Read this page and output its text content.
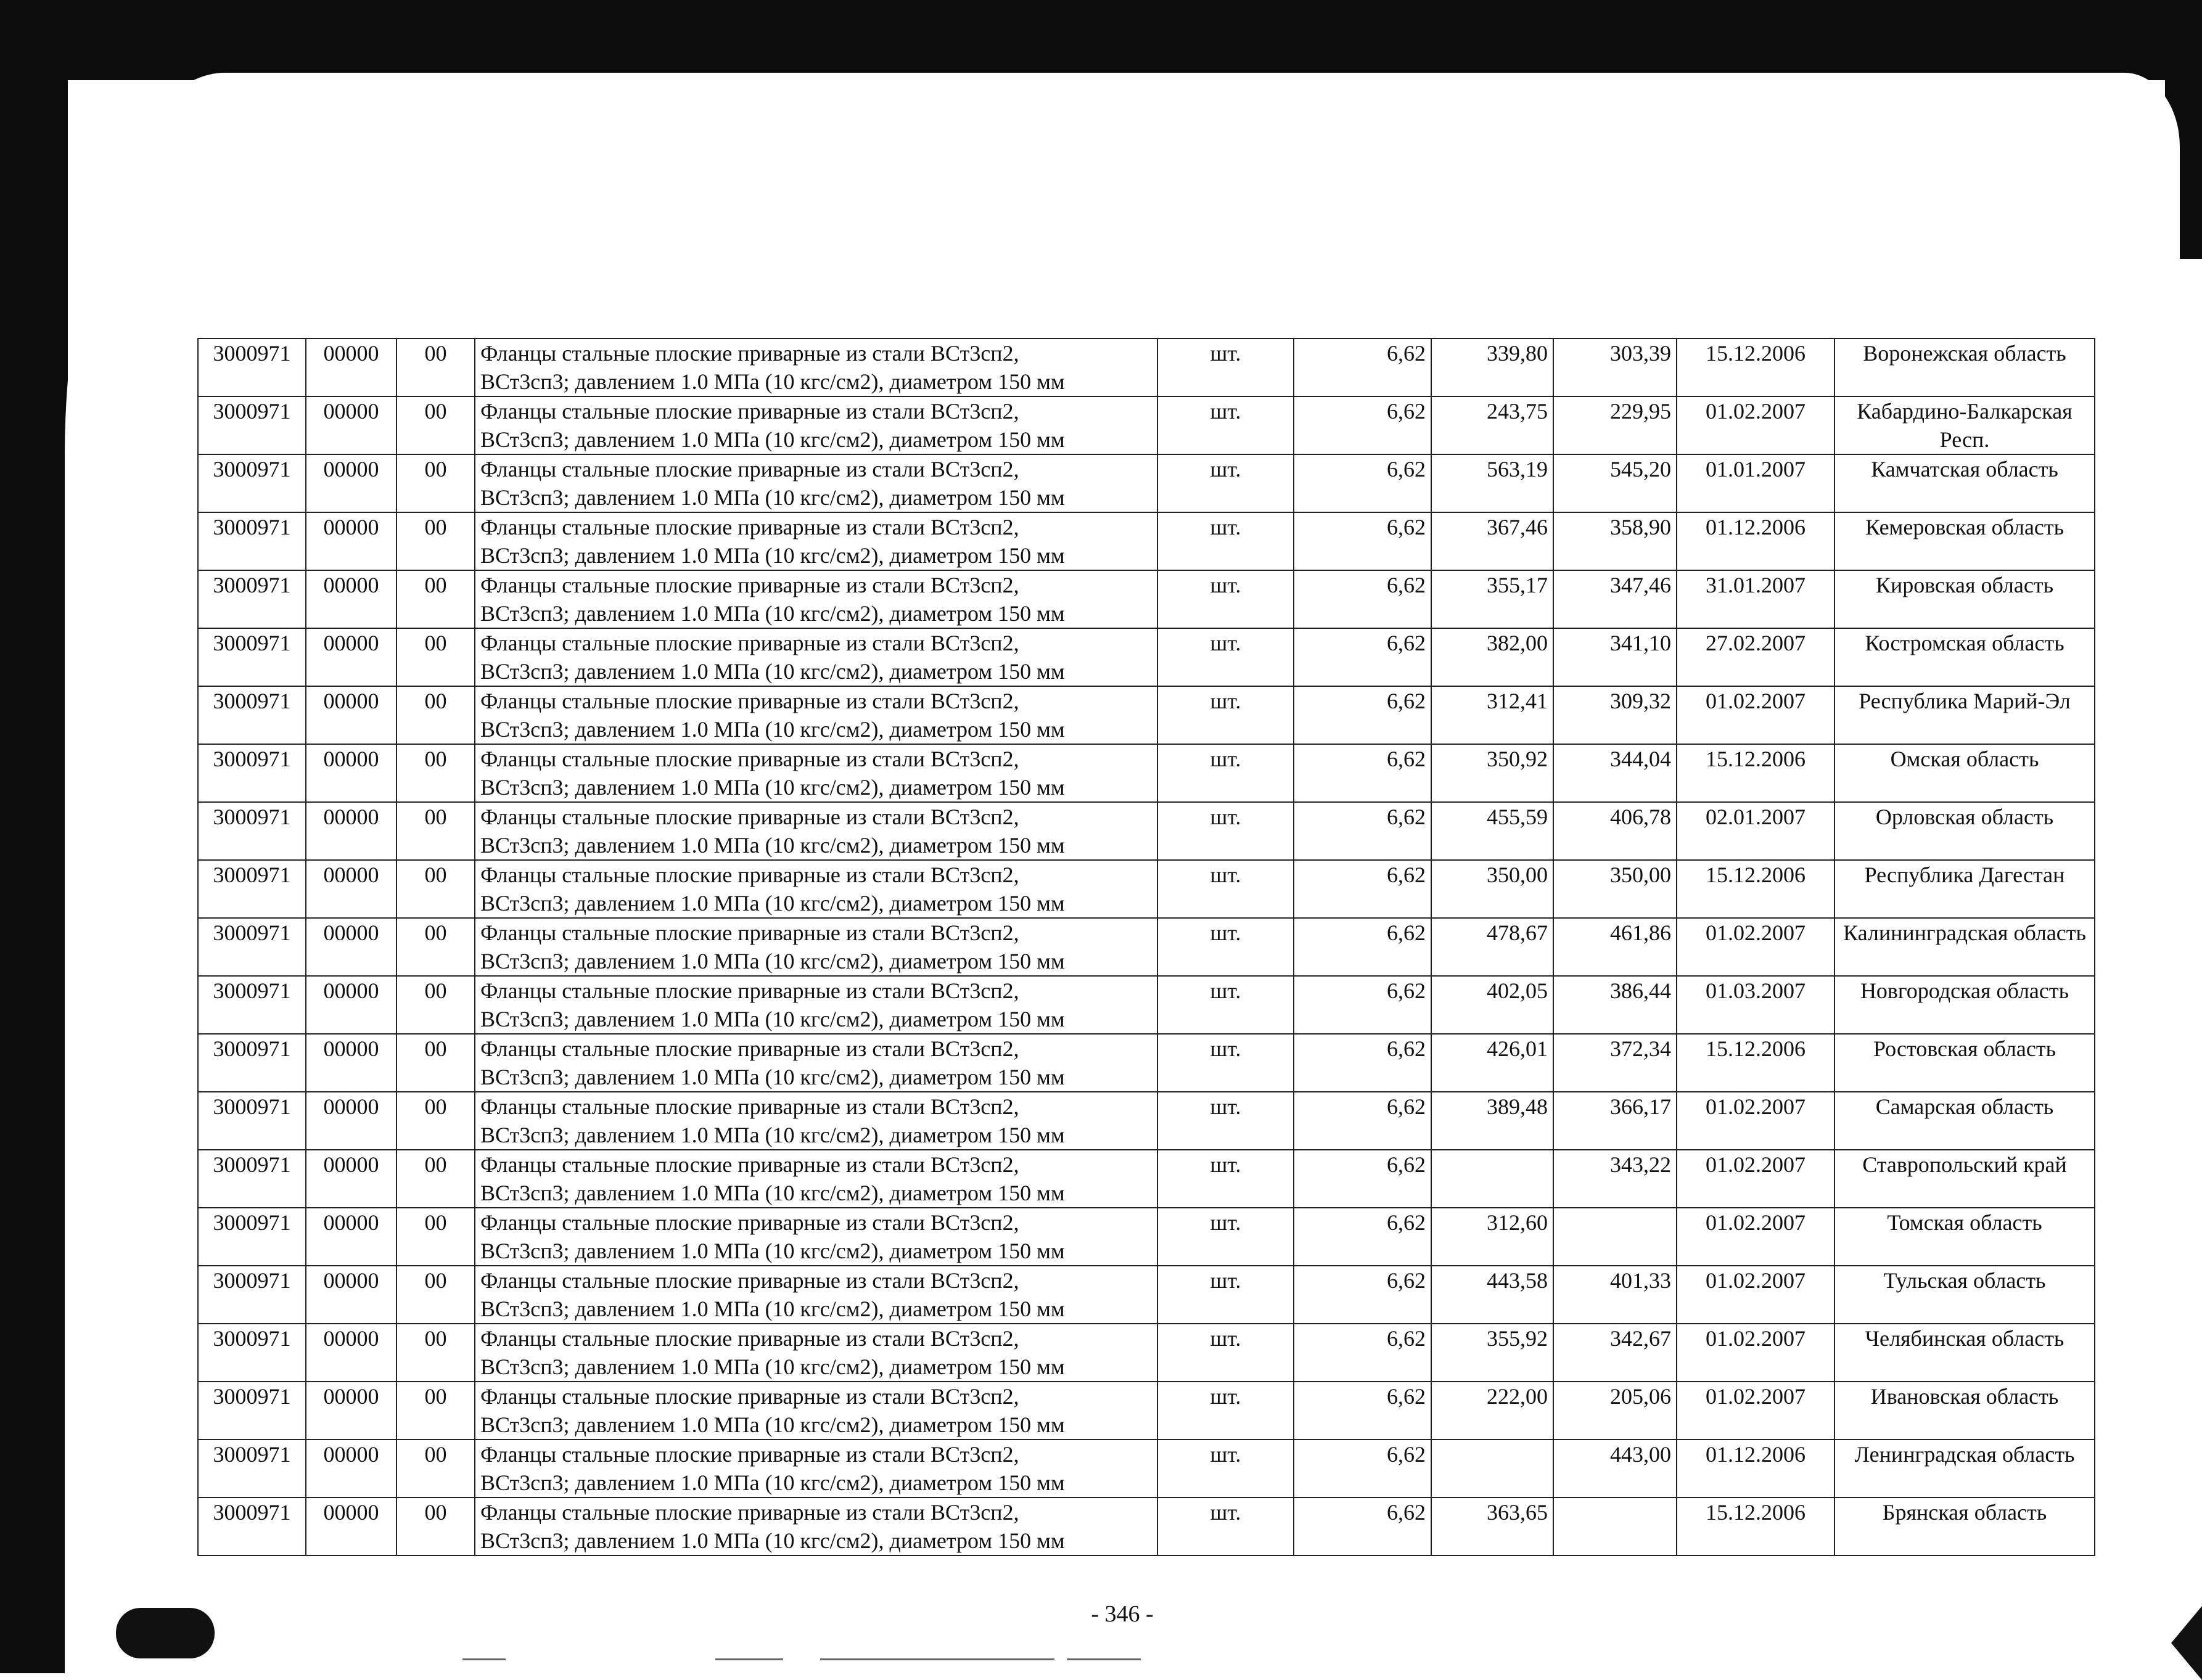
3000971	00000	00	Фланцы стальные плоские приварные из стали ВСт3сп2,
ВСт3сп3; давлением 1.0 МПа (10 кгс/см2), диаметром 150 мм	шт.	6,62	339,80	303,39	15.12.2006	Воронежская область
3000971	00000	00	Фланцы стальные плоские приварные из стали ВСт3сп2,
ВСт3сп3; давлением 1.0 МПа (10 кгс/см2), диаметром 150 мм	шт.	6,62	243,75	229,95	01.02.2007	Кабардино-Балкарская Респ.
3000971	00000	00	Фланцы стальные плоские приварные из стали ВСт3сп2,
ВСт3сп3; давлением 1.0 МПа (10 кгс/см2), диаметром 150 мм	шт.	6,62	563,19	545,20	01.01.2007	Камчатская область
3000971	00000	00	Фланцы стальные плоские приварные из стали ВСт3сп2,
ВСт3сп3; давлением 1.0 МПа (10 кгс/см2), диаметром 150 мм	шт.	6,62	367,46	358,90	01.12.2006	Кемеровская область
3000971	00000	00	Фланцы стальные плоские приварные из стали ВСт3сп2,
ВСт3сп3; давлением 1.0 МПа (10 кгс/см2), диаметром 150 мм	шт.	6,62	355,17	347,46	31.01.2007	Кировская область
3000971	00000	00	Фланцы стальные плоские приварные из стали ВСт3сп2,
ВСт3сп3; давлением 1.0 МПа (10 кгс/см2), диаметром 150 мм	шт.	6,62	382,00	341,10	27.02.2007	Костромская область
3000971	00000	00	Фланцы стальные плоские приварные из стали ВСт3сп2,
ВСт3сп3; давлением 1.0 МПа (10 кгс/см2), диаметром 150 мм	шт.	6,62	312,41	309,32	01.02.2007	Республика Марий-Эл
3000971	00000	00	Фланцы стальные плоские приварные из стали ВСт3сп2,
ВСт3сп3; давлением 1.0 МПа (10 кгс/см2), диаметром 150 мм	шт.	6,62	350,92	344,04	15.12.2006	Омская область
3000971	00000	00	Фланцы стальные плоские приварные из стали ВСт3сп2,
ВСт3сп3; давлением 1.0 МПа (10 кгс/см2), диаметром 150 мм	шт.	6,62	455,59	406,78	02.01.2007	Орловская область
3000971	00000	00	Фланцы стальные плоские приварные из стали ВСт3сп2,
ВСт3сп3; давлением 1.0 МПа (10 кгс/см2), диаметром 150 мм	шт.	6,62	350,00	350,00	15.12.2006	Республика Дагестан
3000971	00000	00	Фланцы стальные плоские приварные из стали ВСт3сп2,
ВСт3сп3; давлением 1.0 МПа (10 кгс/см2), диаметром 150 мм	шт.	6,62	478,67	461,86	01.02.2007	Калининградская область
3000971	00000	00	Фланцы стальные плоские приварные из стали ВСт3сп2,
ВСт3сп3; давлением 1.0 МПа (10 кгс/см2), диаметром 150 мм	шт.	6,62	402,05	386,44	01.03.2007	Новгородская область
3000971	00000	00	Фланцы стальные плоские приварные из стали ВСт3сп2,
ВСт3сп3; давлением 1.0 МПа (10 кгс/см2), диаметром 150 мм	шт.	6,62	426,01	372,34	15.12.2006	Ростовская область
3000971	00000	00	Фланцы стальные плоские приварные из стали ВСт3сп2,
ВСт3сп3; давлением 1.0 МПа (10 кгс/см2), диаметром 150 мм	шт.	6,62	389,48	366,17	01.02.2007	Самарская область
3000971	00000	00	Фланцы стальные плоские приварные из стали ВСт3сп2,
ВСт3сп3; давлением 1.0 МПа (10 кгс/см2), диаметром 150 мм	шт.	6,62		343,22	01.02.2007	Ставропольский край
3000971	00000	00	Фланцы стальные плоские приварные из стали ВСт3сп2,
ВСт3сп3; давлением 1.0 МПа (10 кгс/см2), диаметром 150 мм	шт.	6,62	312,60		01.02.2007	Томская область
3000971	00000	00	Фланцы стальные плоские приварные из стали ВСт3сп2,
ВСт3сп3; давлением 1.0 МПа (10 кгс/см2), диаметром 150 мм	шт.	6,62	443,58	401,33	01.02.2007	Тульская область
3000971	00000	00	Фланцы стальные плоские приварные из стали ВСт3сп2,
ВСт3сп3; давлением 1.0 МПа (10 кгс/см2), диаметром 150 мм	шт.	6,62	355,92	342,67	01.02.2007	Челябинская область
3000971	00000	00	Фланцы стальные плоские приварные из стали ВСт3сп2,
ВСт3сп3; давлением 1.0 МПа (10 кгс/см2), диаметром 150 мм	шт.	6,62	222,00	205,06	01.02.2007	Ивановская область
3000971	00000	00	Фланцы стальные плоские приварные из стали ВСт3сп2,
ВСт3сп3; давлением 1.0 МПа (10 кгс/см2), диаметром 150 мм	шт.	6,62		443,00	01.12.2006	Ленинградская область
3000971	00000	00	Фланцы стальные плоские приварные из стали ВСт3сп2,
ВСт3сп3; давлением 1.0 МПа (10 кгс/см2), диаметром 150 мм	шт.	6,62	363,65		15.12.2006	Брянская область
- 346 -
